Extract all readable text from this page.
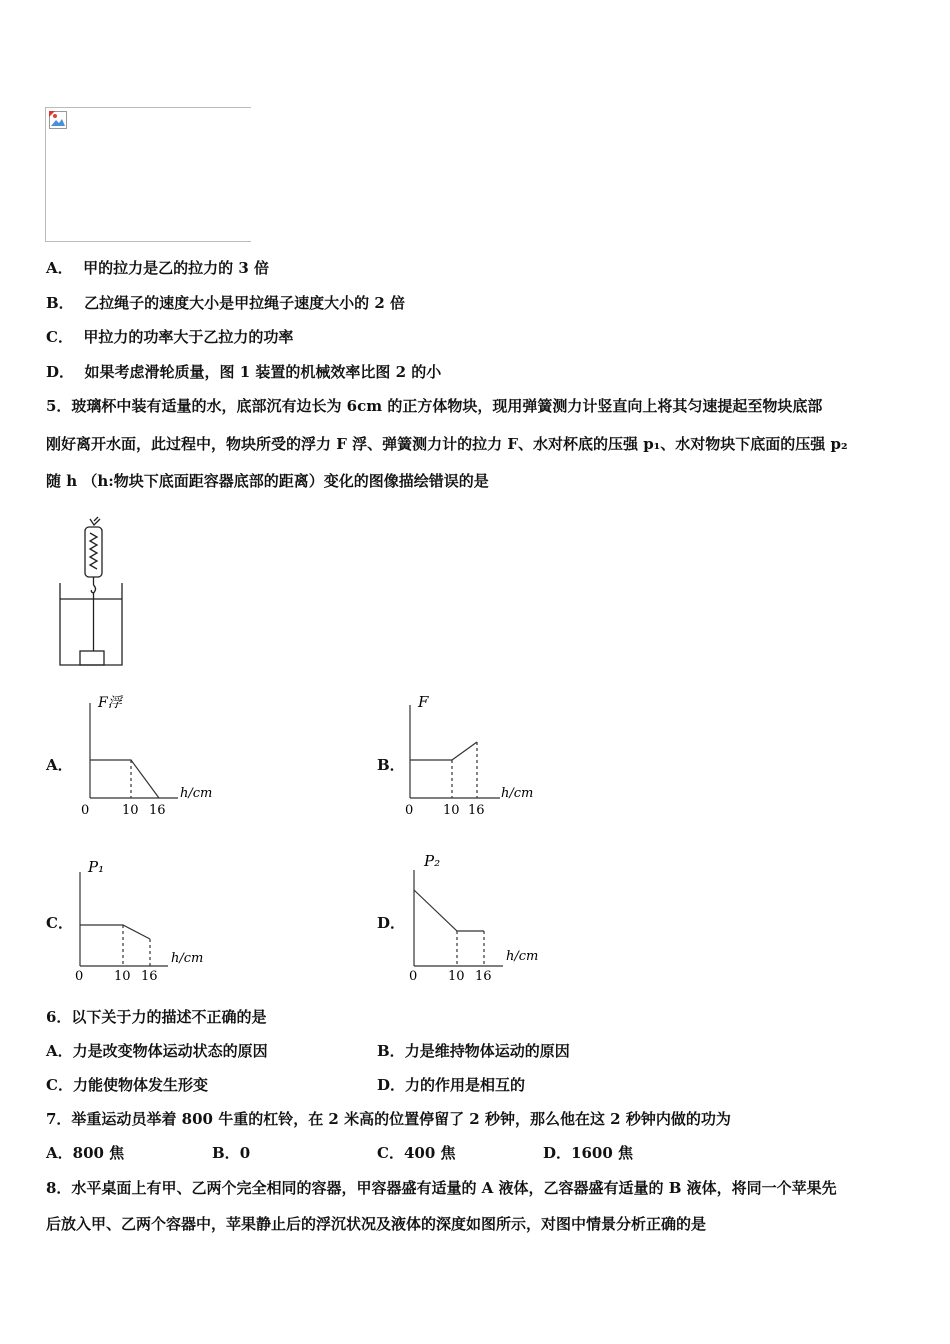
A． 甲的拉力是乙的拉力的 3 倍
B． 乙拉绳子的速度大小是甲拉绳子速度大小的 2 倍
C． 甲拉力的功率大于乙拉力的功率
D． 如果考虑滑轮质量，图 1 装置的机械效率比图 2 的小
5．玻璃杯中装有适量的水，底部沉有边长为 6cm 的正方体物块，现用弹簧测力计竖直向上将其匀速提起至物块底部
刚好离开水面，此过程中，物块所受的浮力 F 浮、弹簧测力计的拉力 F、水对杯底的压强 p₁、水对物块下底面的压强 p₂
随 h （h:物块下底面距容器底部的距离）变化的图像描绘错误的是
A．
F浮
h/cm
0	10 16
B．
F
h/cm
0 10 16
C．
P₁
h/cm
0 10 16
D．
P₂
h/cm
0 10 16
6．以下关于力的描述不正确的是
A．力是改变物体运动状态的原因	B．力是维持物体运动的原因
C．力能使物体发生形变	D．力的作用是相互的
7．举重运动员举着 800 牛重的杠铃，在 2 米高的位置停留了 2 秒钟，那么他在这 2 秒钟内做的功为
A．800 焦	B．0	C．400 焦	D．1600 焦
8．水平桌面上有甲、乙两个完全相同的容器，甲容器盛有适量的 A 液体，乙容器盛有适量的 B 液体，将同一个苹果先
后放入甲、乙两个容器中，苹果静止后的浮沉状况及液体的深度如图所示，对图中情景分析正确的是
